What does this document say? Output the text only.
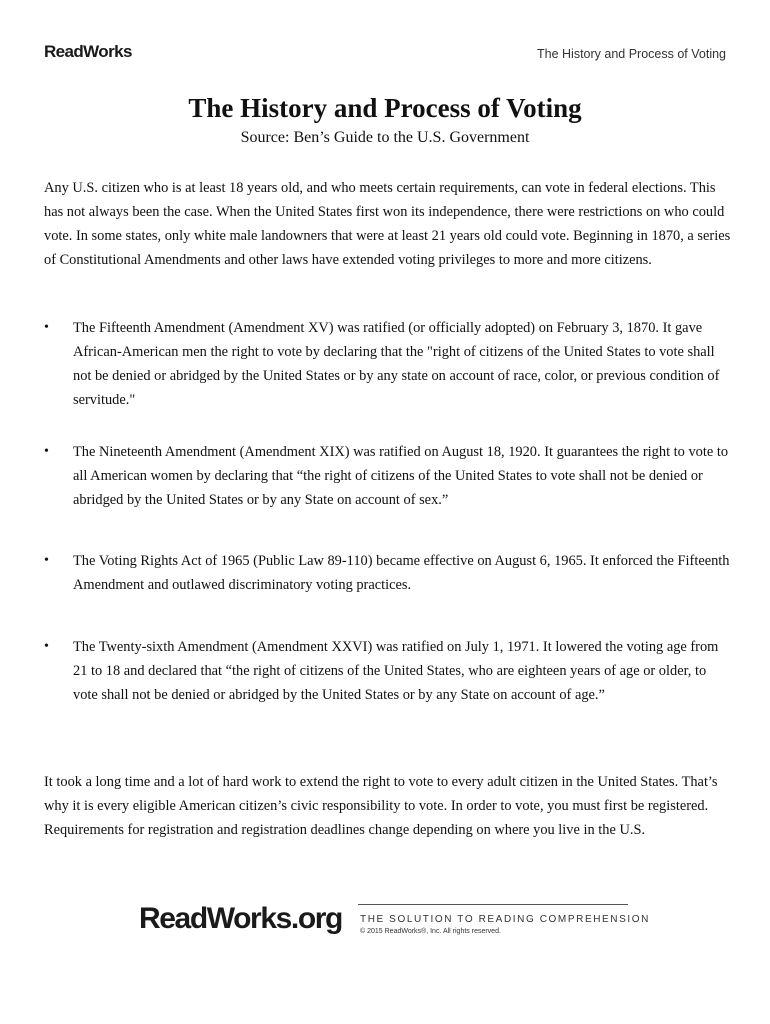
ReadWorks	The History and Process of Voting
The History and Process of Voting
Source: Ben’s Guide to the U.S. Government

Any U.S. citizen who is at least 18 years old, and who meets certain requirements, can vote in federal elections. This has not always been the case. When the United States first won its independence, there were restrictions on who could vote. In some states, only white male landowners that were at least 21 years old could vote. Beginning in 1870, a series of Constitutional Amendments and other laws have extended voting privileges to more and more citizens.

•	The Fifteenth Amendment (Amendment XV) was ratified (or officially adopted) on February 3, 1870. It gave African-American men the right to vote by declaring that the "right of citizens of the United States to vote shall not be denied or abridged by the United States or by any state on account of race, color, or previous condition of servitude."
•	The Nineteenth Amendment (Amendment XIX) was ratified on August 18, 1920. It guarantees the right to vote to all American women by declaring that “the right of citizens of the United States to vote shall not be denied or abridged by the United States or by any State on account of sex.”
•	The Voting Rights Act of 1965 (Public Law 89-110) became effective on August 6, 1965. It enforced the Fifteenth Amendment and outlawed discriminatory voting practices.
•	The Twenty-sixth Amendment (Amendment XXVI) was ratified on July 1, 1971. It lowered the voting age from 21 to 18 and declared that “the right of citizens of the United States, who are eighteen years of age or older, to vote shall not be denied or abridged by the United States or by any State on account of age.”

It took a long time and a lot of hard work to extend the right to vote to every adult citizen in the United States. That’s why it is every eligible American citizen’s civic responsibility to vote. In order to vote, you must first be registered. Requirements for registration and registration deadlines change depending on where you live in the U.S.

ReadWorks.org THE SOLUTION TO READING COMPREHENSION
© 2015 ReadWorks®, Inc. All rights reserved.
